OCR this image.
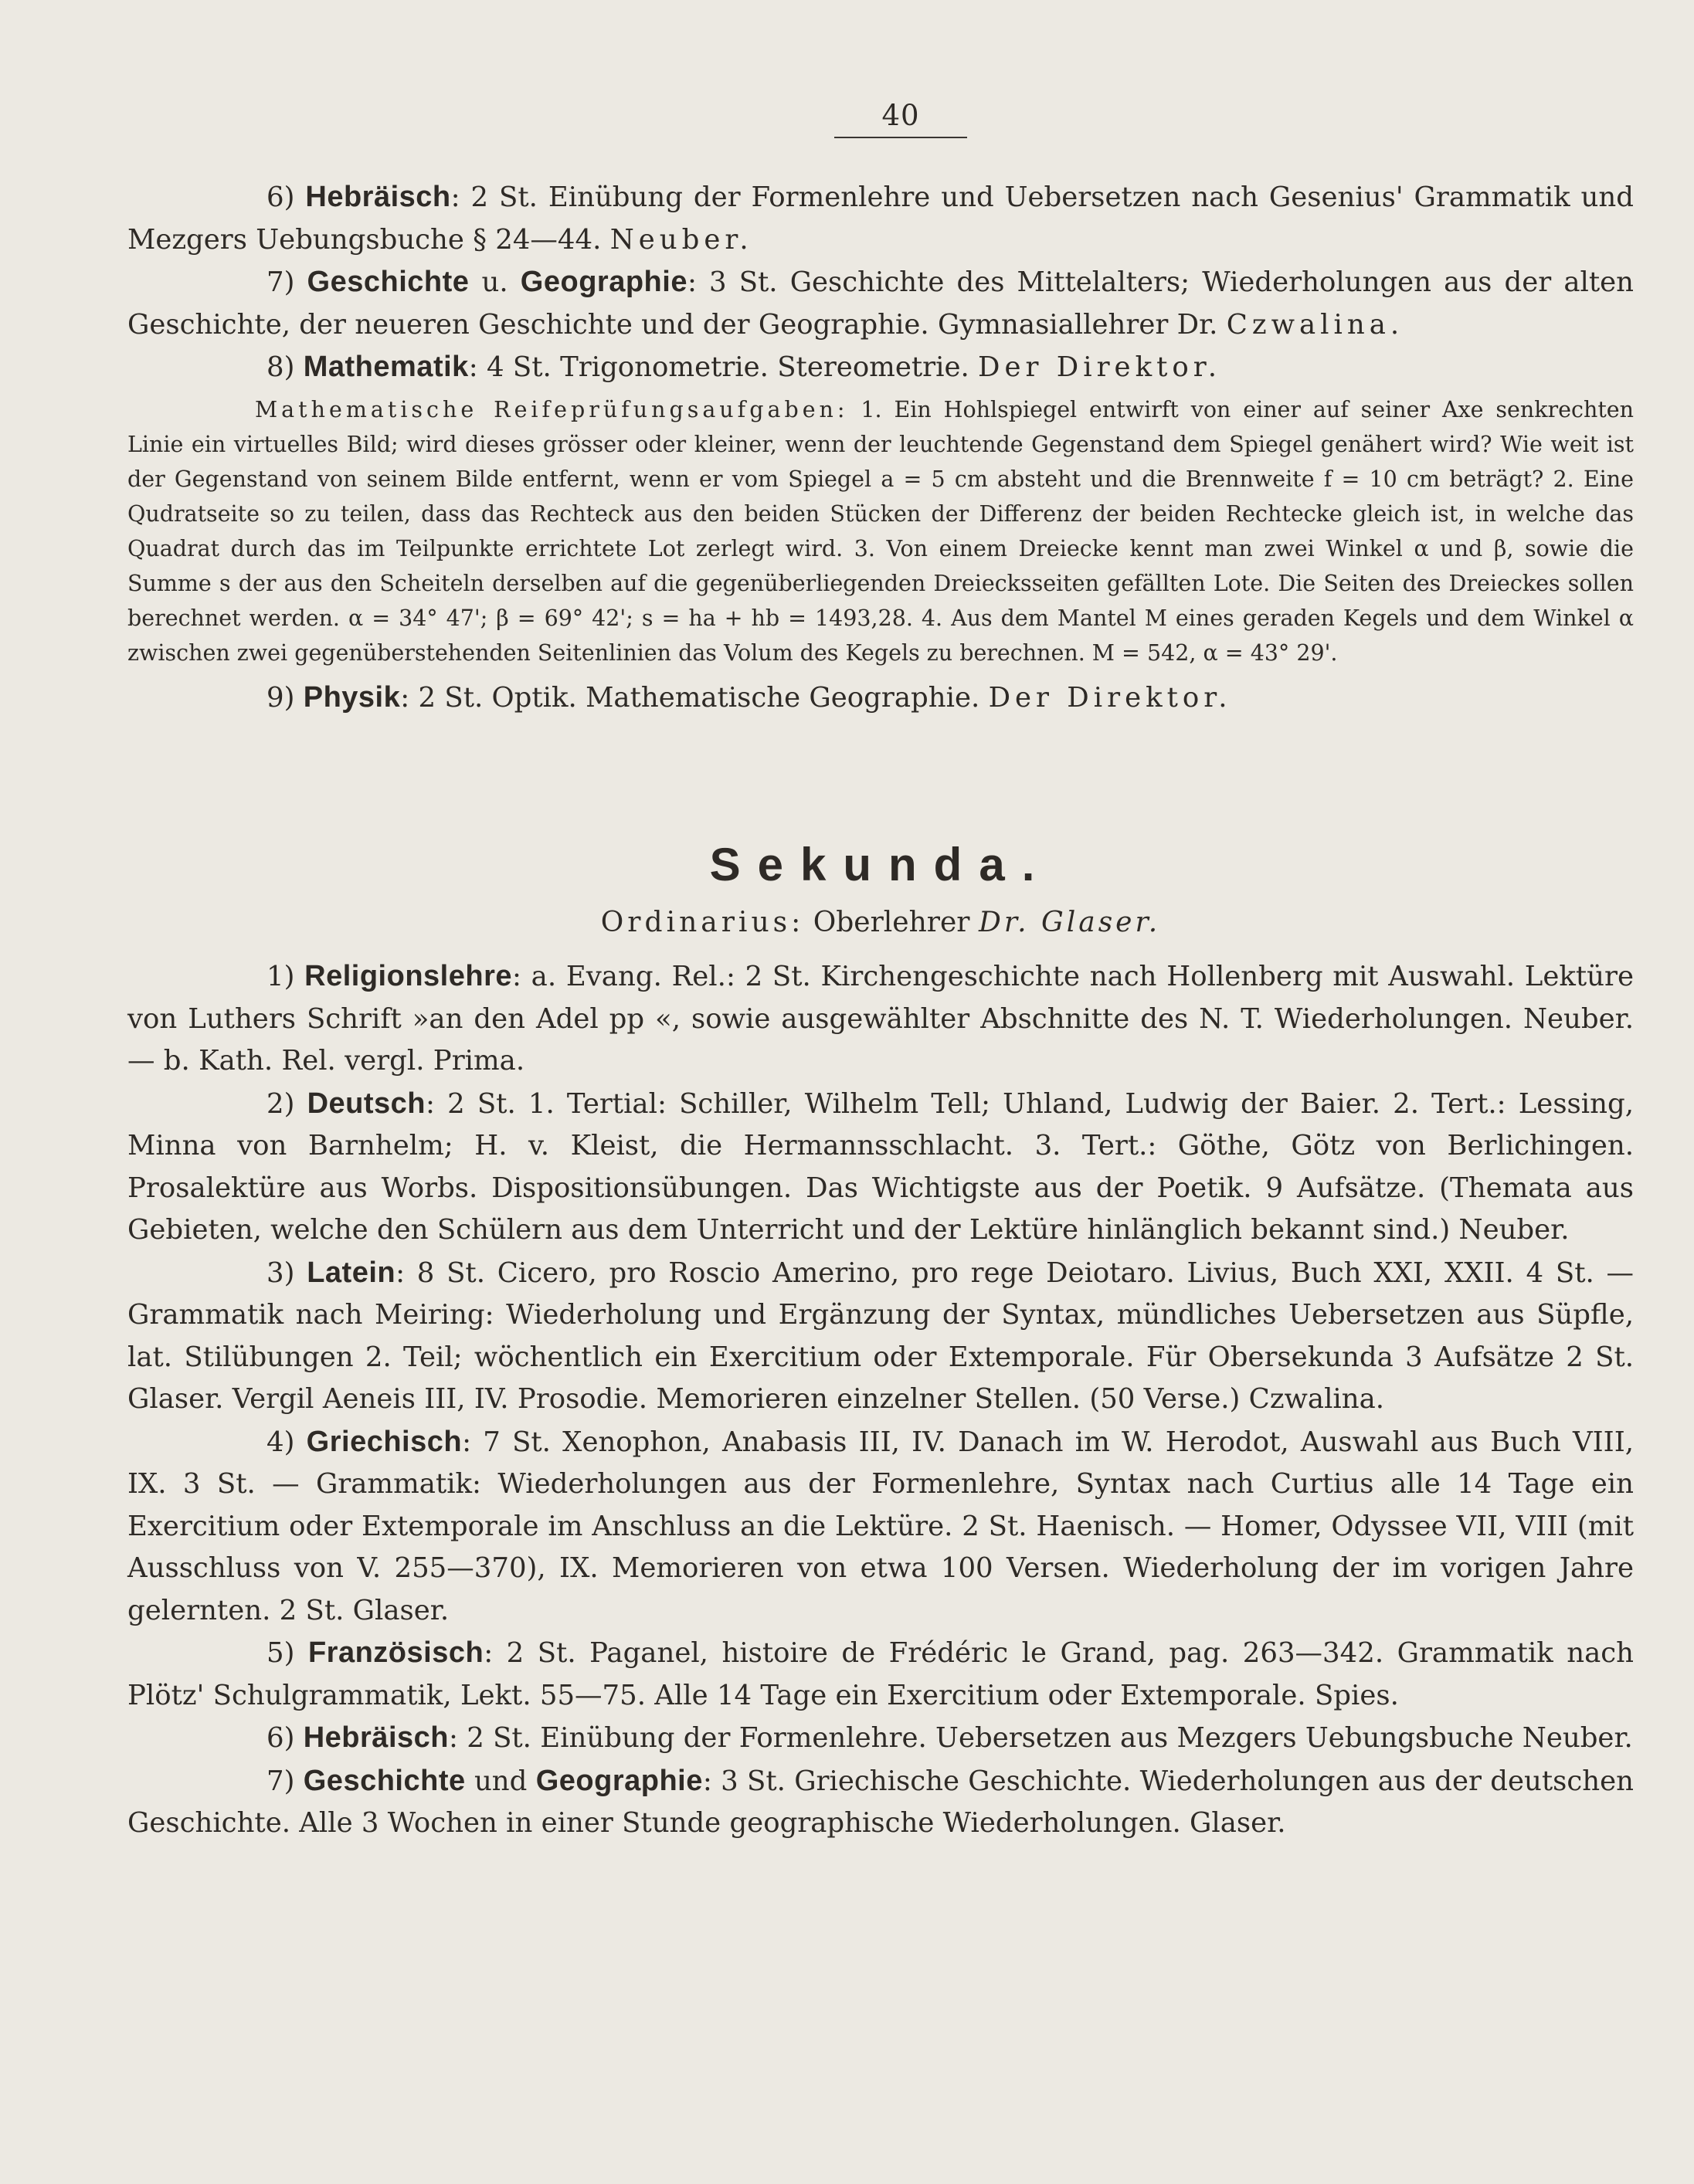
40

6) Hebräisch: 2 St. Einübung der Formenlehre und Uebersetzen nach Gesenius' Grammatik und Mezgers Uebungsbuche § 24—44. Neuber.

7) Geschichte u. Geographie: 3 St. Geschichte des Mittelalters; Wiederholungen aus der alten Geschichte, der neueren Geschichte und der Geographie. Gymnasiallehrer Dr. Czwalina.

8) Mathematik: 4 St. Trigonometrie. Stereometrie. Der Direktor.

Mathematische Reifeprüfungsaufgaben: 1. Ein Hohlspiegel entwirft von einer auf seiner Axe senkrechten Linie ein virtuelles Bild; wird dieses grösser oder kleiner, wenn der leuchtende Gegenstand dem Spiegel genähert wird? Wie weit ist der Gegenstand von seinem Bilde entfernt, wenn er vom Spiegel a = 5 cm absteht und die Brennweite f = 10 cm beträgt? 2. Eine Qudratseite so zu teilen, dass das Rechteck aus den beiden Stücken der Differenz der beiden Rechtecke gleich ist, in welche das Quadrat durch das im Teilpunkte errichtete Lot zerlegt wird. 3. Von einem Dreiecke kennt man zwei Winkel α und β, sowie die Summe s der aus den Scheiteln derselben auf die gegenüberliegenden Dreiecksseiten gefällten Lote. Die Seiten des Dreieckes sollen berechnet werden. α = 34° 47'; β = 69° 42'; s = ha + hb = 1493,28. 4. Aus dem Mantel M eines geraden Kegels und dem Winkel α zwischen zwei gegenüberstehenden Seitenlinien das Volum des Kegels zu berechnen. M = 542, α = 43° 29'.

9) Physik: 2 St. Optik. Mathematische Geographie. Der Direktor.

Sekunda.
Ordinarius: Oberlehrer Dr. Glaser.

1) Religionslehre: a. Evang. Rel.: 2 St. Kirchengeschichte nach Hollenberg mit Auswahl. Lektüre von Luthers Schrift »an den Adel pp «, sowie ausgewählter Abschnitte des N. T. Wiederholungen. Neuber. — b. Kath. Rel. vergl. Prima.

2) Deutsch: 2 St. 1. Tertial: Schiller, Wilhelm Tell; Uhland, Ludwig der Baier. 2. Tert.: Lessing, Minna von Barnhelm; H. v. Kleist, die Hermannsschlacht. 3. Tert.: Göthe, Götz von Berlichingen. Prosalektüre aus Worbs. Dispositionsübungen. Das Wichtigste aus der Poetik. 9 Aufsätze. (Themata aus Gebieten, welche den Schülern aus dem Unterricht und der Lektüre hinlänglich bekannt sind.) Neuber.

3) Latein: 8 St. Cicero, pro Roscio Amerino, pro rege Deiotaro. Livius, Buch XXI, XXII. 4 St. — Grammatik nach Meiring: Wiederholung und Ergänzung der Syntax, mündliches Uebersetzen aus Süpfle, lat. Stilübungen 2. Teil; wöchentlich ein Exercitium oder Extemporale. Für Obersekunda 3 Aufsätze 2 St. Glaser. Vergil Aeneis III, IV. Prosodie. Memorieren einzelner Stellen. (50 Verse.) Czwalina.

4) Griechisch: 7 St. Xenophon, Anabasis III, IV. Danach im W. Herodot, Auswahl aus Buch VIII, IX. 3 St. — Grammatik: Wiederholungen aus der Formenlehre, Syntax nach Curtius alle 14 Tage ein Exercitium oder Extemporale im Anschluss an die Lektüre. 2 St. Haenisch. — Homer, Odyssee VII, VIII (mit Ausschluss von V. 255—370), IX. Memorieren von etwa 100 Versen. Wiederholung der im vorigen Jahre gelernten. 2 St. Glaser.

5) Französisch: 2 St. Paganel, histoire de Frédéric le Grand, pag. 263—342. Grammatik nach Plötz' Schulgrammatik, Lekt. 55—75. Alle 14 Tage ein Exercitium oder Extemporale. Spies.

6) Hebräisch: 2 St. Einübung der Formenlehre. Uebersetzen aus Mezgers Uebungsbuche Neuber.

7) Geschichte und Geographie: 3 St. Griechische Geschichte. Wiederholungen aus der deutschen Geschichte. Alle 3 Wochen in einer Stunde geographische Wiederholungen. Glaser.
